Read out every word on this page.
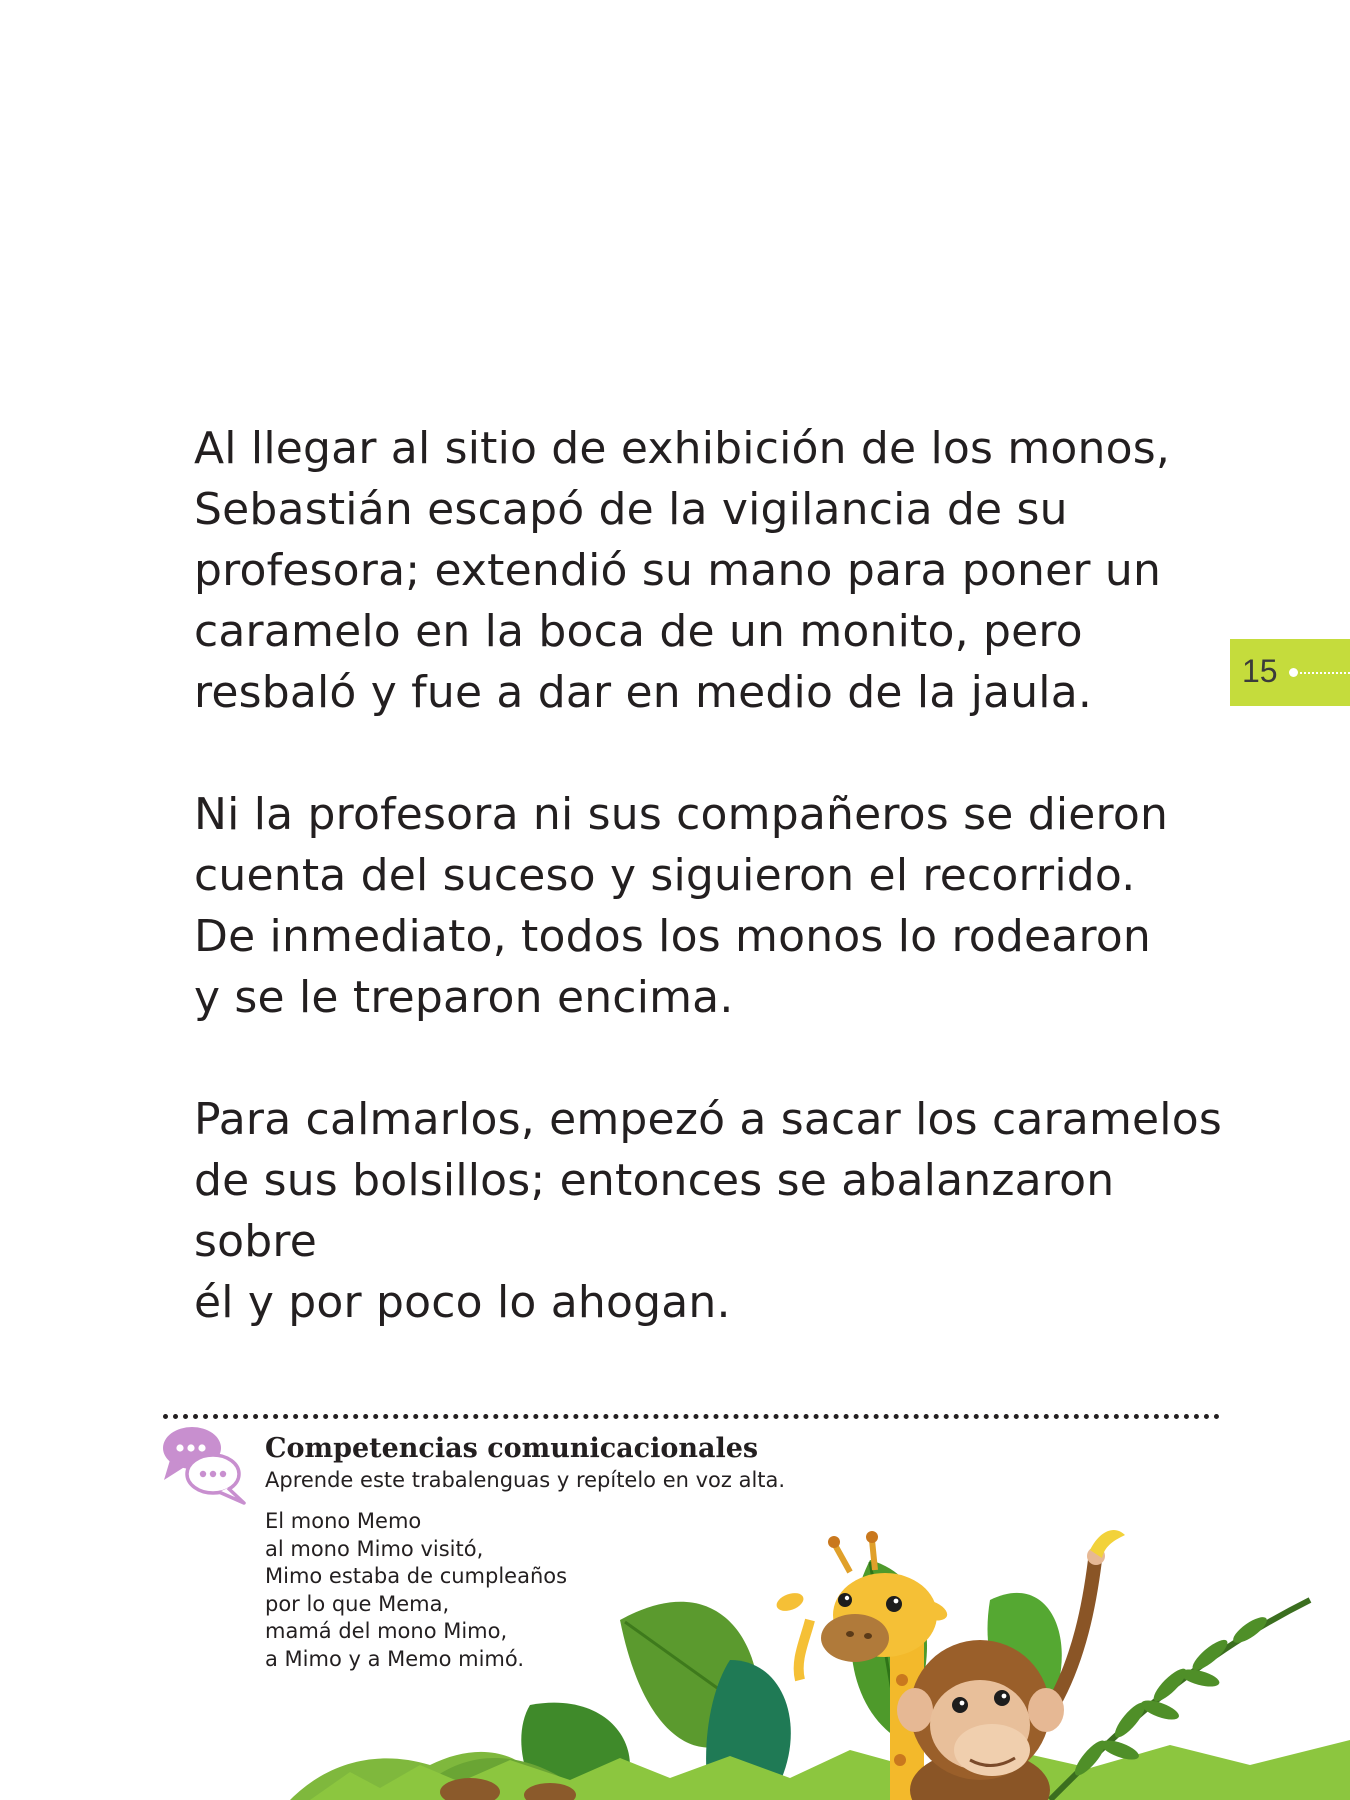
Al llegar al sitio de exhibición de los monos,
Sebastián escapó de la vigilancia de su
profesora; extendió su mano para poner un
caramelo en la boca de un monito, pero
resbaló y fue a dar en medio de la jaula.

Ni la profesora ni sus compañeros se dieron
cuenta del suceso y siguieron el recorrido.
De inmediato, todos los monos lo rodearon
y se le treparon encima.

Para calmarlos, empezó a sacar los caramelos
de sus bolsillos; entonces se abalanzaron sobre
él y por poco lo ahogan.

15
Competencias comunicacionales
Aprende este trabalenguas y repítelo en voz alta.
El mono Memo
al mono Mimo visitó,
Mimo estaba de cumpleaños
por lo que Mema,
mamá del mono Mimo,
a Mimo y a Memo mimó.
